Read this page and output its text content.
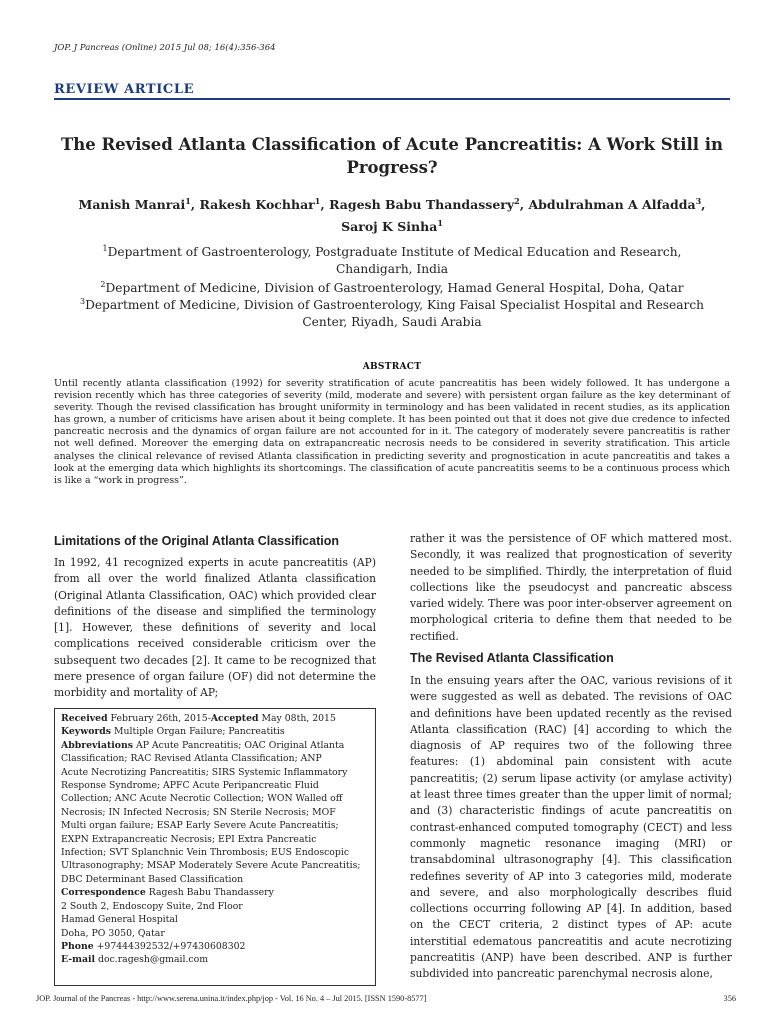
JOP. J Pancreas (Online) 2015 Jul 08; 16(4):356-364
REVIEW ARTICLE
The Revised Atlanta Classification of Acute Pancreatitis: A Work Still in
Progress?
Manish Manrai$^1$, Rakesh Kochhar$^1$, Ragesh Babu Thandassery$^2$, Abdulrahman A Alfadda$^3$,
Saroj K Sinha$^1$
$^1$Department of Gastroenterology, Postgraduate Institute of Medical Education and Research,
Chandigarh, India
$^2$Department of Medicine, Division of Gastroenterology, Hamad General Hospital, Doha, Qatar
$^3$Department of Medicine, Division of Gastroenterology, King Faisal Specialist Hospital and Research
Center, Riyadh, Saudi Arabia
ABSTRACT
Until recently atlanta classification (1992) for severity stratification of acute pancreatitis has been widely followed. It has undergone a revision recently which has three categories of severity (mild, moderate and severe) with persistent organ failure as the key determinant of severity. Though the revised classification has brought uniformity in terminology and has been validated in recent studies, as its application has grown, a number of criticisms have arisen about it being complete. It has been pointed out that it does not give due credence to infected pancreatic necrosis and the dynamics of organ failure are not accounted for in it. The category of moderately severe pancreatitis is rather not well defined. Moreover the emerging data on extrapancreatic necrosis needs to be considered in severity stratification. This article analyses the clinical relevance of revised Atlanta classification in predicting severity and prognostication in acute pancreatitis and takes a look at the emerging data which highlights its shortcomings. The classification of acute pancreatitis seems to be a continuous process which is like a “work in progress”.
Limitations of the Original Atlanta Classification
In 1992, 41 recognized experts in acute pancreatitis (AP) from all over the world finalized Atlanta classification (Original Atlanta Classification, OAC) which provided clear definitions of the disease and simplified the terminology [1]. However, these definitions of severity and local complications received considerable criticism over the subsequent two decades [2]. It came to be recognized that mere presence of organ failure (OF) did not determine the morbidity and mortality of AP;
Received February 26th, 2015-Accepted May 08th, 2015
Keywords Multiple Organ Failure; Pancreatitis
Abbreviations AP Acute Pancreatitis; OAC Original Atlanta
Classification; RAC Revised Atlanta Classification; ANP
Acute Necrotizing Pancreatitis; SIRS Systemic Inflammatory
Response Syndrome; APFC Acute Peripancreatic Fluid
Collection; ANC Acute Necrotic Collection; WON Walled off
Necrosis; IN Infected Necrosis; SN Sterile Necrosis; MOF
Multi organ failure; ESAP Early Severe Acute Pancreatitis;
EXPN Extrapancreatic Necrosis; EPI Extra Pancreatic
Infection; SVT Splanchnic Vein Thrombosis; EUS Endoscopic
Ultrasonography; MSAP Moderately Severe Acute Pancreatitis;
DBC Determinant Based Classification
Correspondence Ragesh Babu Thandassery
2 South 2, Endoscopy Suite, 2nd Floor
Hamad General Hospital
Doha, PO 3050, Qatar
Phone +97444392532/+97430608302
E-mail doc.ragesh@gmail.com
rather it was the persistence of OF which mattered most. Secondly, it was realized that prognostication of severity needed to be simplified. Thirdly, the interpretation of fluid collections like the pseudocyst and pancreatic abscess varied widely. There was poor inter-observer agreement on morphological criteria to define them that needed to be rectified.
The Revised Atlanta Classification
In the ensuing years after the OAC, various revisions of it were suggested as well as debated. The revisions of OAC and definitions have been updated recently as the revised Atlanta classification (RAC) [4] according to which the diagnosis of AP requires two of the following three features: (1) abdominal pain consistent with acute pancreatitis; (2) serum lipase activity (or amylase activity) at least three times greater than the upper limit of normal; and (3) characteristic findings of acute pancreatitis on contrast-enhanced computed tomography (CECT) and less commonly magnetic resonance imaging (MRI) or transabdominal ultrasonography [4]. This classification redefines severity of AP into 3 categories mild, moderate and severe, and also morphologically describes fluid collections occurring following AP [4]. In addition, based on the CECT criteria, 2 distinct types of AP: acute interstitial edematous pancreatitis and acute necrotizing pancreatitis (ANP) have been described. ANP is further subdivided into pancreatic parenchymal necrosis alone,
JOP. Journal of the Pancreas - http://www.serena.unina.it/index.php/jop - Vol. 16 No. 4 – Jul 2015. [ISSN 1590-8577]	356
